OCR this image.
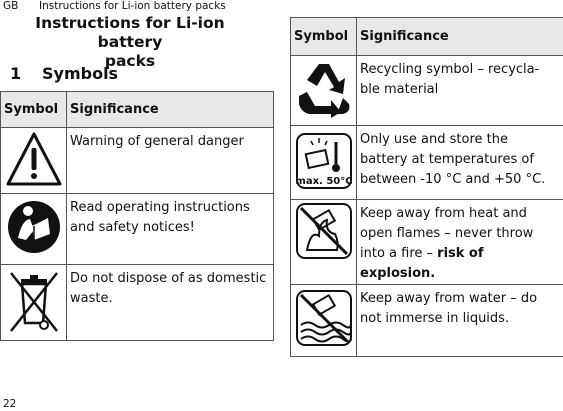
GB	Instructions for Li-ion battery packs
Instructions for Li-ion battery
packs
1 Symbols
Symbol	Significance

	Warning of general danger

	Read operating instructions and safety notices!

	Do not dispose of as domestic waste.
Symbol	Significance

	Recycling symbol – recycla-ble material

max. 50°C	Only use and store the battery at temperatures of between -10 °C and +50 °C.

	Keep away from heat and open flames – never throw into a fire – risk of explosion.

	Keep away from water – do not immerse in liquids.
22
